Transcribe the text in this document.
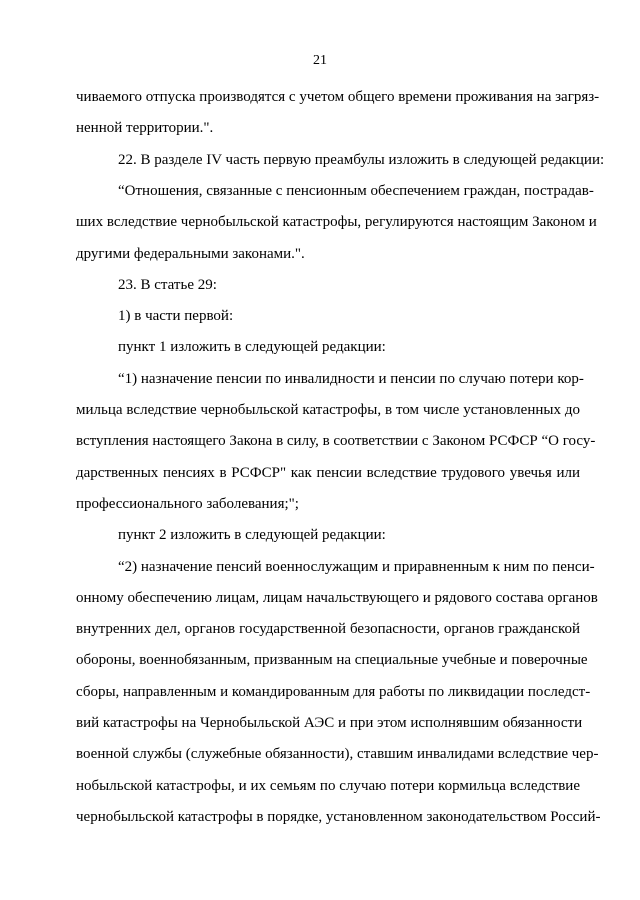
21
чиваемого отпуска производятся с учетом общего времени проживания на загряз-
ненной территории.".
22. В разделе IV часть первую преамбулы изложить в следующей редакции:
“Отношения, связанные с пенсионным обеспечением граждан, пострадав-
ших вследствие чернобыльской катастрофы, регулируются настоящим Законом и
другими федеральными законами.".
23. В статье 29:
1) в части первой:
пункт 1 изложить в следующей редакции:
“1) назначение пенсии по инвалидности и пенсии по случаю потери кор-
мильца вследствие чернобыльской катастрофы, в том числе установленных до
вступления настоящего Закона в силу, в соответствии с Законом РСФСР “О госу-
дарственных пенсиях в РСФСР" как пенсии вследствие трудового увечья или
профессионального заболевания;";
пункт 2 изложить в следующей редакции:
“2) назначение пенсий военнослужащим и приравненным к ним по пенси-
онному обеспечению лицам, лицам начальствующего и рядового состава органов
внутренних дел, органов государственной безопасности, органов гражданской
обороны, военнобязанным, призванным на специальные учебные и поверочные
сборы, направленным и командированным для работы по ликвидации последст-
вий катастрофы на Чернобыльской АЭС и при этом исполнявшим обязанности
военной службы (служебные обязанности), ставшим инвалидами вследствие чер-
нобыльской катастрофы, и их семьям по случаю потери кормильца вследствие
чернобыльской катастрофы в порядке, установленном законодательством Россий-
